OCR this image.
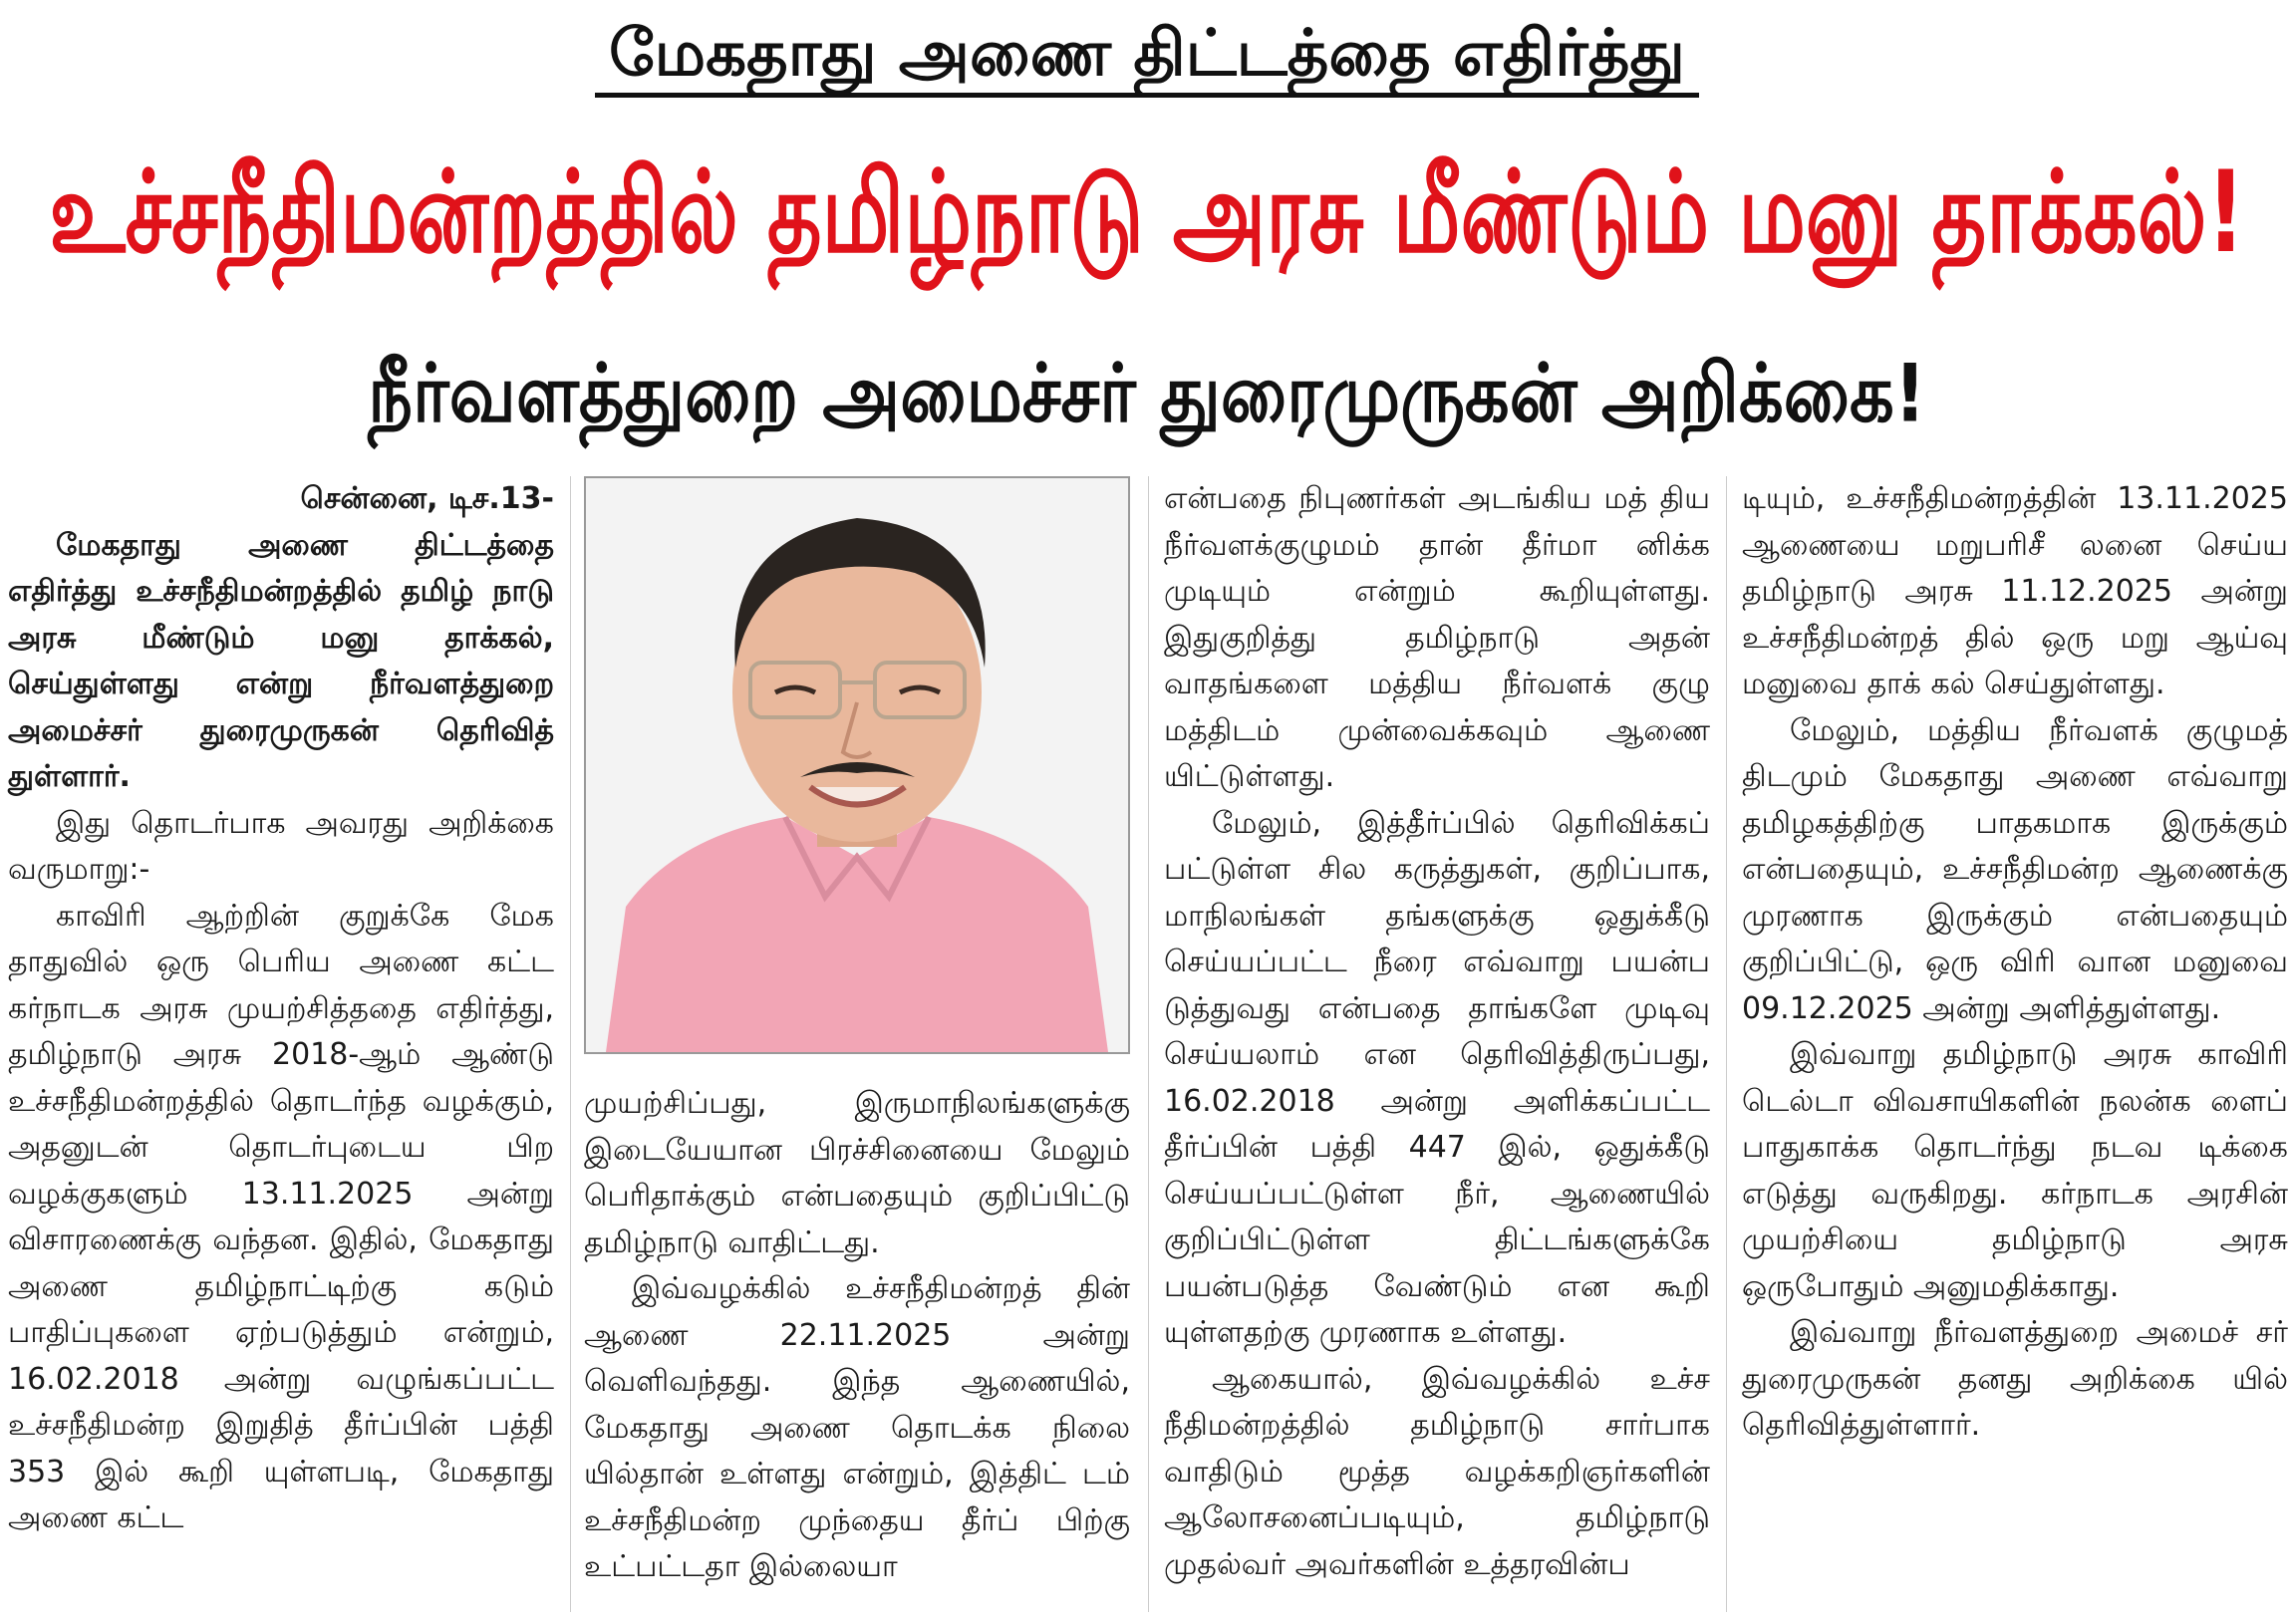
மேகதாது அணை திட்டத்தை எதிர்த்து
உச்சநீதிமன்றத்தில் தமிழ்நாடு அரசு மீண்டும் மனு தாக்கல்!
நீர்வளத்துறை அமைச்சர் துரைமுருகன் அறிக்கை!

சென்னை, டிச.13-

மேகதாது அணை திட்டத்தை எதிர்த்து உச்சநீதிமன்றத்தில் தமிழ் நாடு அரசு மீண்டும் மனு தாக்கல், செய்துள்ளது என்று நீர்வளத்துறை அமைச்சர் துரைமுருகன் தெரிவித் துள்ளார்.

இது தொடர்பாக அவரது அறிக்கை வருமாறு:-

காவிரி ஆற்றின் குறுக்கே மேக தாதுவில் ஒரு பெரிய அணை கட்ட கர்நாடக அரசு முயற்சித்ததை எதிர்த்து, தமிழ்நாடு அரசு 2018-ஆம் ஆண்டு உச்சநீதிமன்றத்தில் தொடர்ந்த வழக்கும், அதனுடன் தொடர்புடைய பிற வழக்குகளும் 13.11.2025 அன்று விசாரணைக்கு வந்தன. இதில், மேகதாது அணை தமிழ்நாட்டிற்கு கடும் பாதிப்புகளை ஏற்படுத்தும் என்றும், 16.02.2018 அன்று வழுங்கப்பட்ட உச்சநீதிமன்ற இறுதித் தீர்ப்பின் பத்தி 353 இல் கூறி யுள்ளபடி, மேகதாது அணை கட்ட

முயற்சிப்பது, இருமாநிலங்களுக்கு இடையேயான பிரச்சினையை மேலும் பெரிதாக்கும் என்பதையும் குறிப்பிட்டு தமிழ்நாடு வாதிட்டது.

இவ்வழக்கில் உச்சநீதிமன்றத் தின் ஆணை 22.11.2025 அன்று வெளிவந்தது. இந்த ஆணையில், மேகதாது அணை தொடக்க நிலை யில்தான் உள்ளது என்றும், இத்திட் டம் உச்சநீதிமன்ற முந்தைய தீர்ப் பிற்கு உட்பட்டதா இல்லையா

என்பதை நிபுணர்கள் அடங்கிய மத் திய நீர்வளக்குழுமம் தான் தீர்மா னிக்க முடியும் என்றும் கூறியுள்ளது. இதுகுறித்து தமிழ்நாடு அதன் வாதங்களை மத்திய நீர்வளக் குழு மத்திடம் முன்வைக்கவும் ஆணை யிட்டுள்ளது.

மேலும், இத்தீர்ப்பில் தெரிவிக்கப் பட்டுள்ள சில கருத்துகள், குறிப்பாக, மாநிலங்கள் தங்களுக்கு ஒதுக்கீடு செய்யப்பட்ட நீரை எவ்வாறு பயன்ப டுத்துவது என்பதை தாங்களே முடிவு செய்யலாம் என தெரிவித்திருப்பது, 16.02.2018 அன்று அளிக்கப்பட்ட தீர்ப்பின் பத்தி 447 இல், ஒதுக்கீடு செய்யப்பட்டுள்ள நீர், ஆணையில் குறிப்பிட்டுள்ள திட்டங்களுக்கே பயன்படுத்த வேண்டும் என கூறி யுள்ளதற்கு முரணாக உள்ளது.

ஆகையால், இவ்வழக்கில் உச்ச நீதிமன்றத்தில் தமிழ்நாடு சார்பாக வாதிடும் மூத்த வழக்கறிஞர்களின் ஆலோசனைப்படியும், தமிழ்நாடு முதல்வர் அவர்களின் உத்தரவின்ப

டியும், உச்சநீதிமன்றத்தின் 13.11.2025 ஆணையை மறுபரிசீ லனை செய்ய தமிழ்நாடு அரசு 11.12.2025 அன்று உச்சநீதிமன்றத் தில் ஒரு மறு ஆய்வு மனுவை தாக் கல் செய்துள்ளது.

மேலும், மத்திய நீர்வளக் குழுமத் திடமும் மேகதாது அணை எவ்வாறு தமிழகத்திற்கு பாதகமாக இருக்கும் என்பதையும், உச்சநீதிமன்ற ஆணைக்கு முரணாக இருக்கும் என்பதையும் குறிப்பிட்டு, ஒரு விரி வான மனுவை 09.12.2025 அன்று அளித்துள்ளது.

இவ்வாறு தமிழ்நாடு அரசு காவிரி டெல்டா விவசாயிகளின் நலன்க ளைப் பாதுகாக்க தொடர்ந்து நடவ டிக்கை எடுத்து வருகிறது. கர்நாடக அரசின் முயற்சியை தமிழ்நாடு அரசு ஒருபோதும் அனுமதிக்காது.

இவ்வாறு நீர்வளத்துறை அமைச் சர் துரைமுருகன் தனது அறிக்கை யில் தெரிவித்துள்ளார்.
